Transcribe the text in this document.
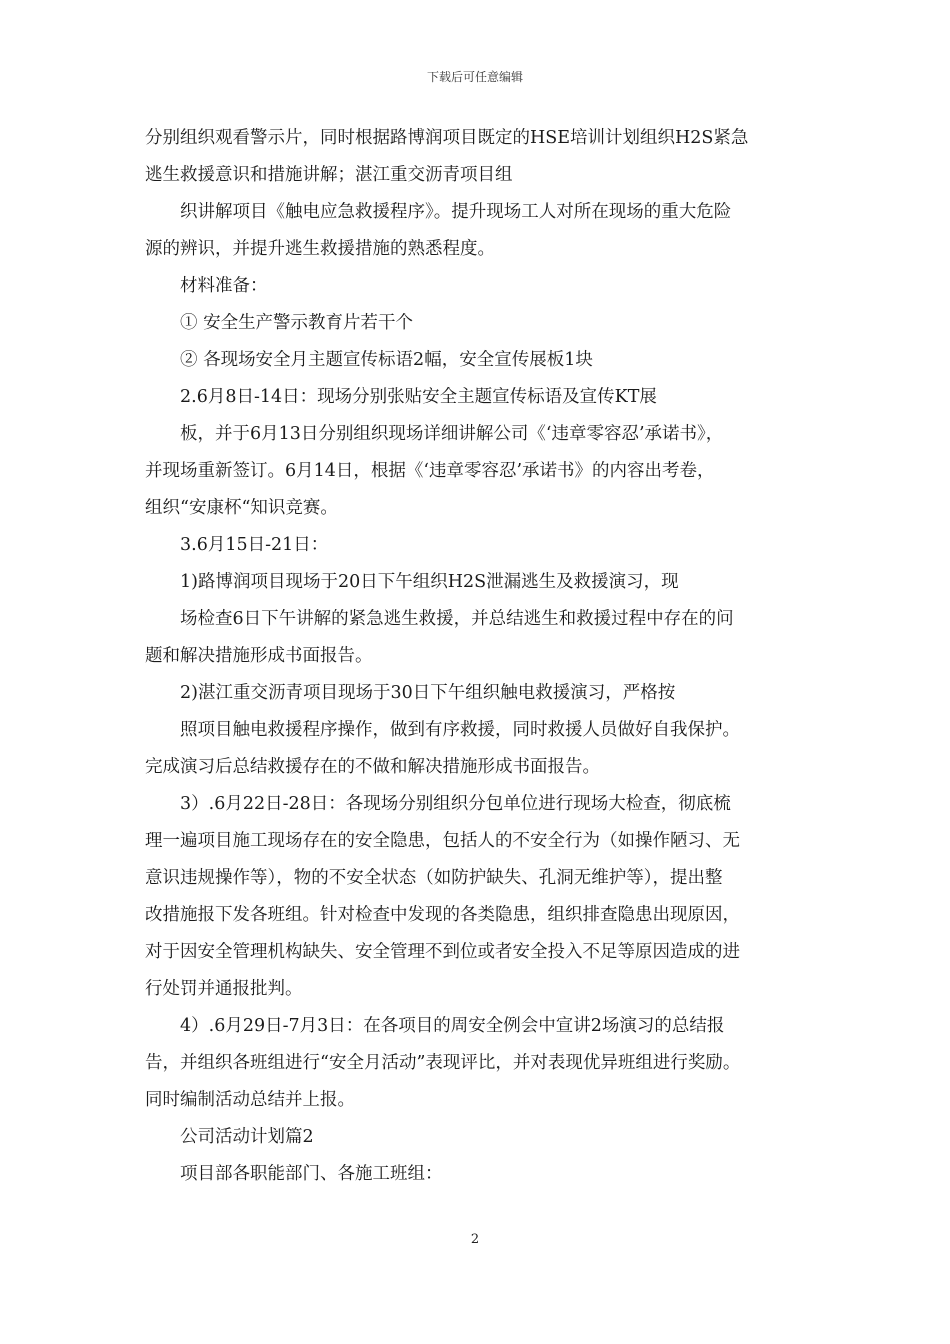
下载后可任意编辑
分别组织观看警示片，同时根据路博润项目既定的HSE培训计划组织H2S紧急
逃生救援意识和措施讲解；湛江重交沥青项目组
织讲解项目《触电应急救援程序》。提升现场工人对所在现场的重大危险
源的辨识，并提升逃生救援措施的熟悉程度。
材料准备：
① 安全生产警示教育片若干个
② 各现场安全月主题宣传标语2幅，安全宣传展板1块
2.6月8日-14日：现场分别张贴安全主题宣传标语及宣传KT展
板，并于6月13日分别组织现场详细讲解公司《‘违章零容忍’承诺书》，
并现场重新签订。6月14日，根据《‘违章零容忍’承诺书》的内容出考卷，
组织“安康杯“知识竞赛。
3.6月15日-21日：
1)路博润项目现场于20日下午组织H2S泄漏逃生及救援演习，现
场检查6日下午讲解的紧急逃生救援，并总结逃生和救援过程中存在的问
题和解决措施形成书面报告。
2)湛江重交沥青项目现场于30日下午组织触电救援演习，严格按
照项目触电救援程序操作，做到有序救援，同时救援人员做好自我保护。
完成演习后总结救援存在的不做和解决措施形成书面报告。
3）.6月22日-28日：各现场分别组织分包单位进行现场大检查，彻底梳
理一遍项目施工现场存在的安全隐患，包括人的不安全行为（如操作陋习、无
意识违规操作等），物的不安全状态（如防护缺失、孔洞无维护等），提出整
改措施报下发各班组。针对检查中发现的各类隐患，组织排查隐患出现原因，
对于因安全管理机构缺失、安全管理不到位或者安全投入不足等原因造成的进
行处罚并通报批判。
4）.6月29日-7月3日：在各项目的周安全例会中宣讲2场演习的总结报
告，并组织各班组进行“安全月活动”表现评比，并对表现优异班组进行奖励。
同时编制活动总结并上报。
公司活动计划篇2
项目部各职能部门、各施工班组：
2
